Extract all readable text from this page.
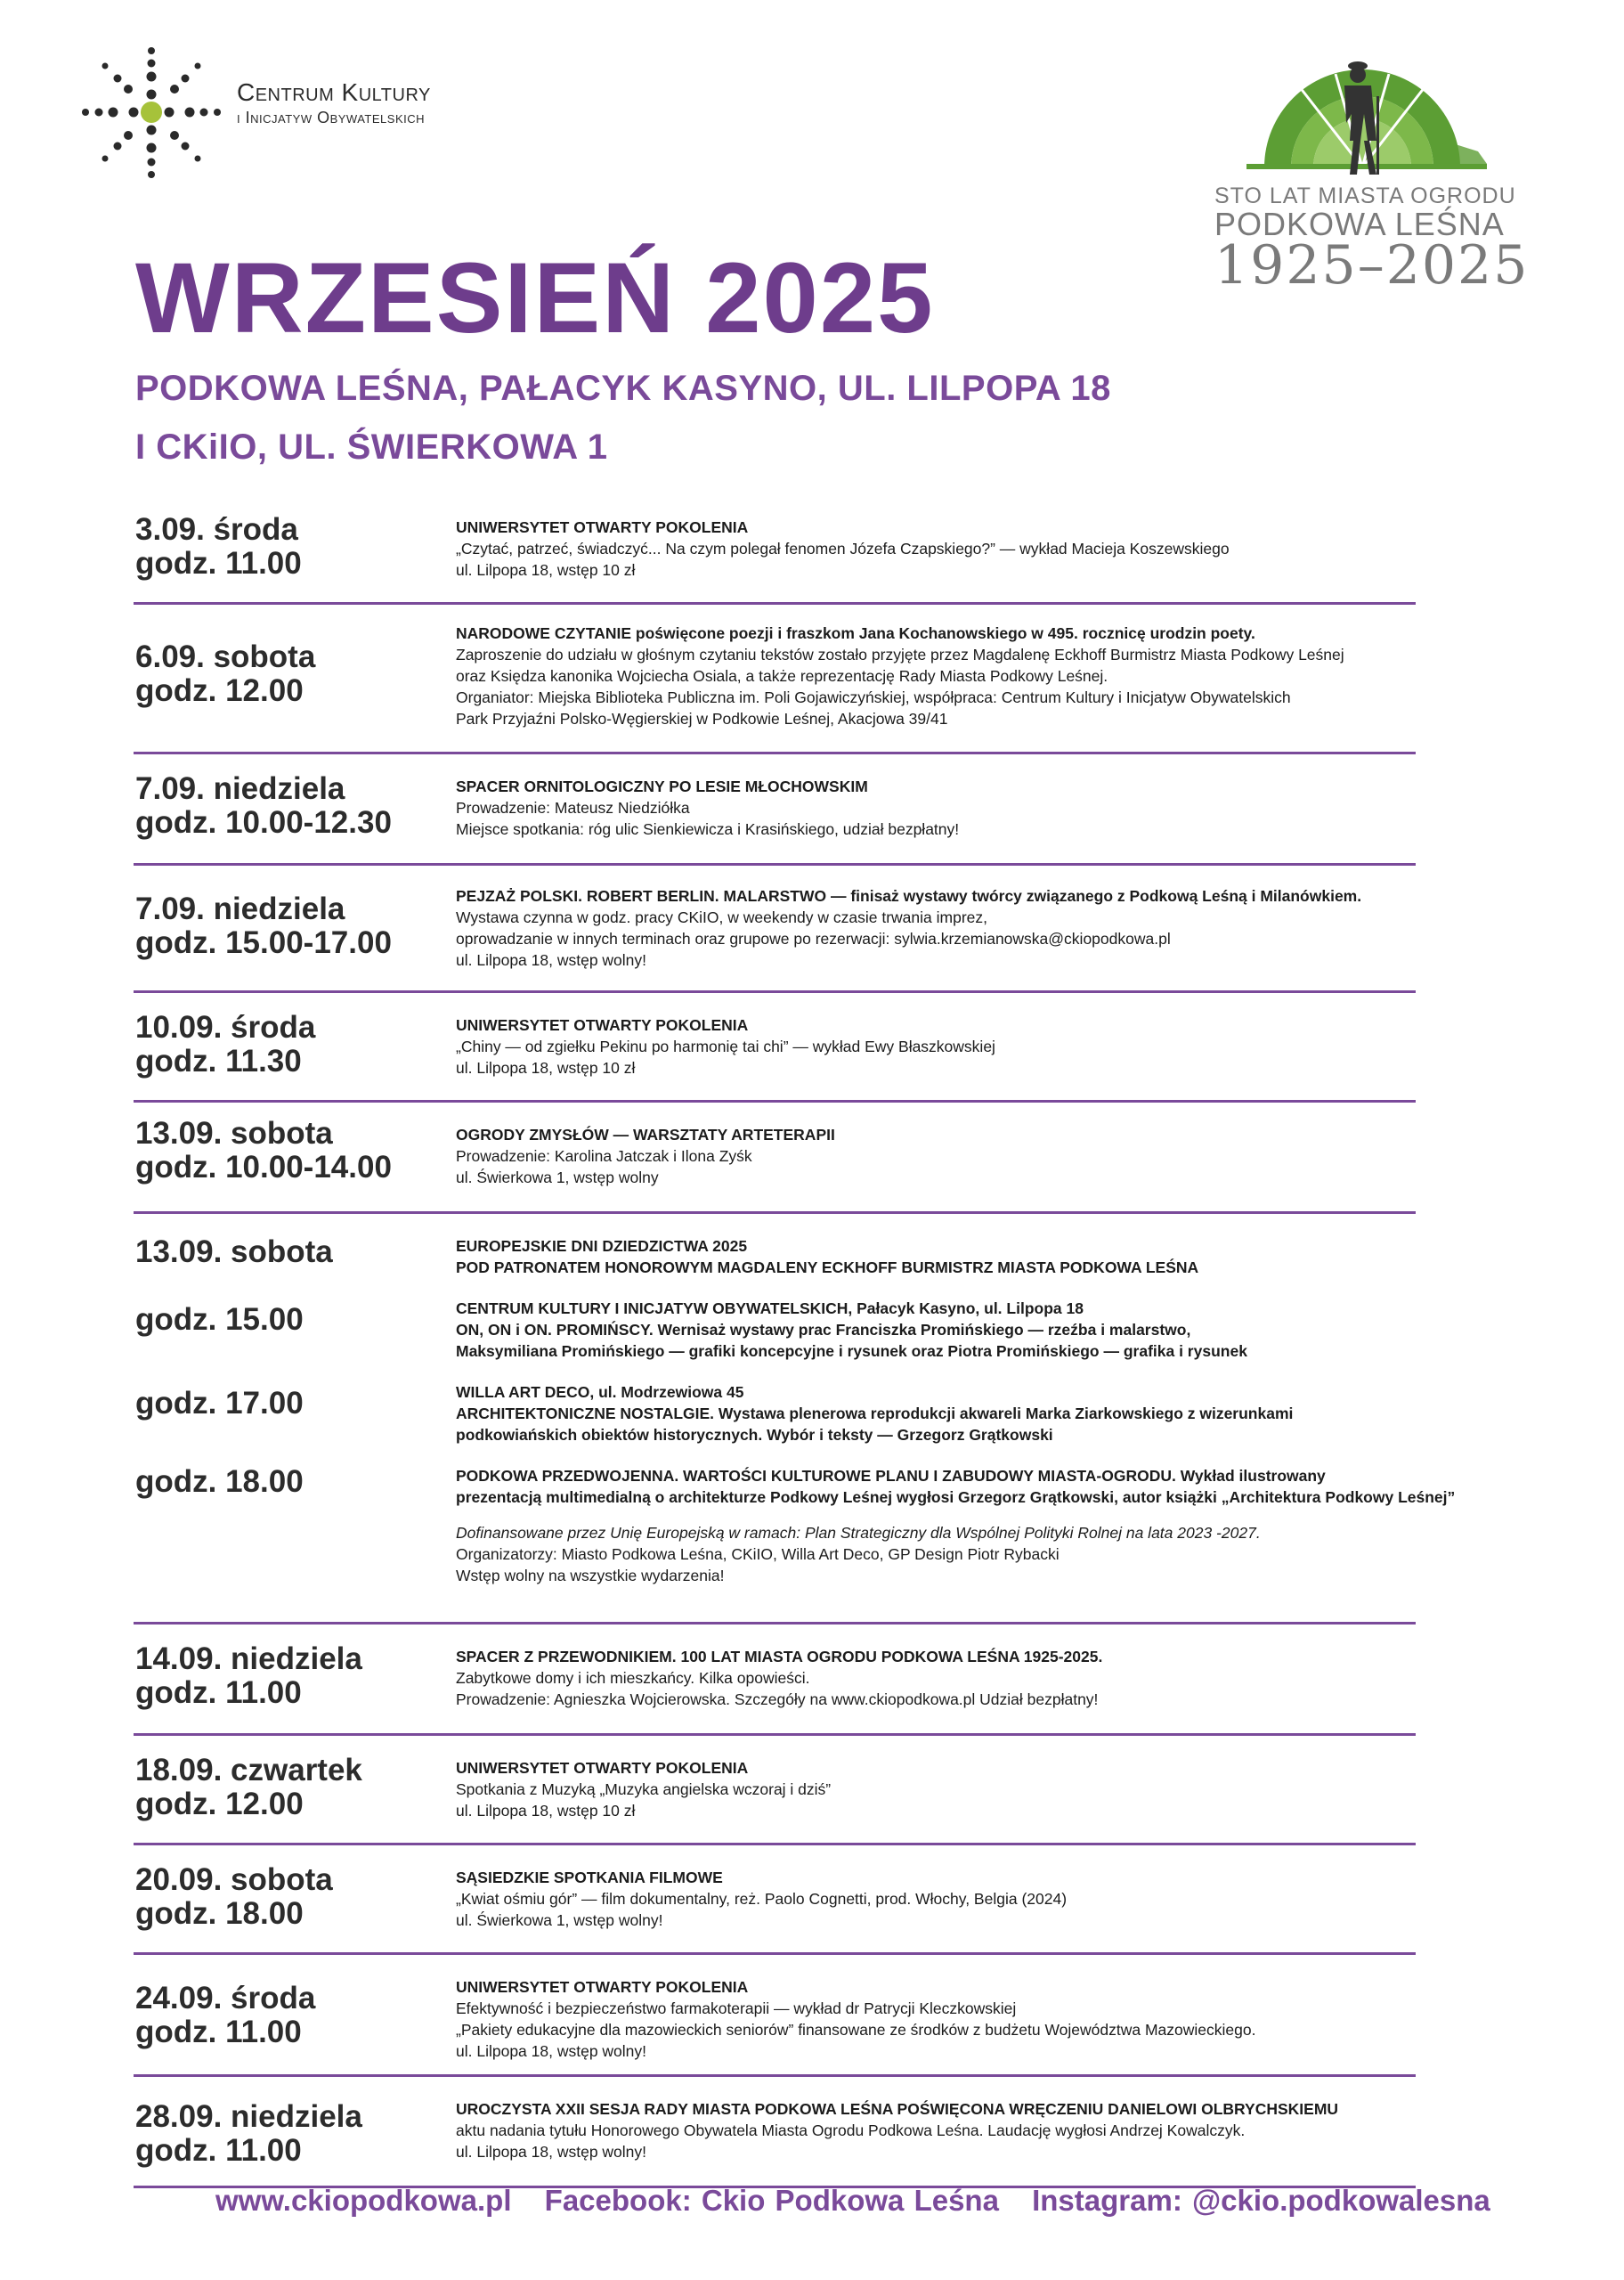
Centrum Kultury
i Inicjatyw Obywatelskich
STO LAT MIASTA OGRODU
PODKOWA LEŚNA
1925–2025
WRZESIEŃ 2025
PODKOWA LEŚNA, PAŁACYK KASYNO, UL. LILPOPA 18
I CKiIO, UL. ŚWIERKOWA 1
3.09. środa
godz. 11.00

UNIWERSYTET OTWARTY POKOLENIA

„Czytać, patrzeć, świadczyć... Na czym polegał fenomen Józefa Czapskiego?” — wykład Macieja Koszewskiego

ul. Lilpopa 18, wstęp 10 zł

6.09. sobota
godz. 12.00

NARODOWE CZYTANIE poświęcone poezji i fraszkom Jana Kochanowskiego w 495. rocznicę urodzin poety.

Zaproszenie do udziału w głośnym czytaniu tekstów zostało przyjęte przez Magdalenę Eckhoff Burmistrz Miasta Podkowy Leśnej

oraz Księdza kanonika Wojciecha Osiala, a także reprezentację Rady Miasta Podkowy Leśnej.

Organiator: Miejska Biblioteka Publiczna im. Poli Gojawiczyńskiej, współpraca: Centrum Kultury i Inicjatyw Obywatelskich

Park Przyjaźni Polsko-Węgierskiej w Podkowie Leśnej, Akacjowa 39/41

7.09. niedziela
godz. 10.00-12.30

SPACER ORNITOLOGICZNY PO LESIE MŁOCHOWSKIM

Prowadzenie: Mateusz Niedziółka

Miejsce spotkania: róg ulic Sienkiewicza i Krasińskiego, udział bezpłatny!

7.09. niedziela
godz. 15.00-17.00

PEJZAŻ POLSKI. ROBERT BERLIN. MALARSTWO — finisaż wystawy twórcy związanego z Podkową Leśną i Milanówkiem.

Wystawa czynna w godz. pracy CKiIO, w weekendy w czasie trwania imprez,

oprowadzanie w innych terminach oraz grupowe po rezerwacji: sylwia.krzemianowska@ckiopodkowa.pl

ul. Lilpopa 18, wstęp wolny!

10.09. środa
godz. 11.30

UNIWERSYTET OTWARTY POKOLENIA

„Chiny — od zgiełku Pekinu po harmonię tai chi” — wykład Ewy Błaszkowskiej

ul. Lilpopa 18, wstęp 10 zł

13.09. sobota
godz. 10.00-14.00

OGRODY ZMYSŁÓW — WARSZTATY ARTETERAPII

Prowadzenie: Karolina Jatczak i Ilona Zyśk

ul. Świerkowa 1, wstęp wolny

13.09. sobota
godz. 15.00
godz. 17.00
godz. 18.00

EUROPEJSKIE DNI DZIEDZICTWA 2025

POD PATRONATEM HONOROWYM MAGDALENY ECKHOFF BURMISTRZ MIASTA PODKOWA LEŚNA

CENTRUM KULTURY I INICJATYW OBYWATELSKICH, Pałacyk Kasyno, ul. Lilpopa 18

ON, ON i ON. PROMIŃSCY. Wernisaż wystawy prac Franciszka Promińskiego — rzeźba i malarstwo,

Maksymiliana Promińskiego — grafiki koncepcyjne i rysunek oraz Piotra Promińskiego — grafika i rysunek

WILLA ART DECO, ul. Modrzewiowa 45

ARCHITEKTONICZNE NOSTALGIE. Wystawa plenerowa reprodukcji akwareli Marka Ziarkowskiego z wizerunkami

podkowiańskich obiektów historycznych. Wybór i teksty — Grzegorz Grątkowski

PODKOWA PRZEDWOJENNA. WARTOŚCI KULTUROWE PLANU I ZABUDOWY MIASTA-OGRODU. Wykład ilustrowany

prezentacją multimedialną o architekturze Podkowy Leśnej wygłosi Grzegorz Grątkowski, autor książki „Architektura Podkowy Leśnej”

Dofinansowane przez Unię Europejską w ramach: Plan Strategiczny dla Wspólnej Polityki Rolnej na lata 2023 -2027.

Organizatorzy: Miasto Podkowa Leśna, CKiIO, Willa Art Deco, GP Design Piotr Rybacki

Wstęp wolny na wszystkie wydarzenia!

14.09. niedziela
godz. 11.00

SPACER Z PRZEWODNIKIEM. 100 LAT MIASTA OGRODU PODKOWA LEŚNA 1925-2025.

Zabytkowe domy i ich mieszkańcy. Kilka opowieści.

Prowadzenie: Agnieszka Wojcierowska. Szczegóły na www.ckiopodkowa.pl Udział bezpłatny!

18.09. czwartek
godz. 12.00

UNIWERSYTET OTWARTY POKOLENIA

Spotkania z Muzyką „Muzyka angielska wczoraj i dziś”

ul. Lilpopa 18, wstęp 10 zł

20.09. sobota
godz. 18.00

SĄSIEDZKIE SPOTKANIA FILMOWE

„Kwiat ośmiu gór” — film dokumentalny, reż. Paolo Cognetti, prod. Włochy, Belgia (2024)

ul. Świerkowa 1, wstęp wolny!

24.09. środa
godz. 11.00

UNIWERSYTET OTWARTY POKOLENIA

Efektywność i bezpieczeństwo farmakoterapii — wykład dr Patrycji Kleczkowskiej

„Pakiety edukacyjne dla mazowieckich seniorów” finansowane ze środków z budżetu Województwa Mazowieckiego.

ul. Lilpopa 18, wstęp wolny!

28.09. niedziela
godz. 11.00

UROCZYSTA XXII SESJA RADY MIASTA PODKOWA LEŚNA POŚWIĘCONA WRĘCZENIU DANIELOWI OLBRYCHSKIEMU

aktu nadania tytułu Honorowego Obywatela Miasta Ogrodu Podkowa Leśna. Laudację wygłosi Andrzej Kowalczyk.

ul. Lilpopa 18, wstęp wolny!

www.ckiopodkowa.pl Facebook: Ckio Podkowa Leśna Instagram: @ckio.podkowalesna
